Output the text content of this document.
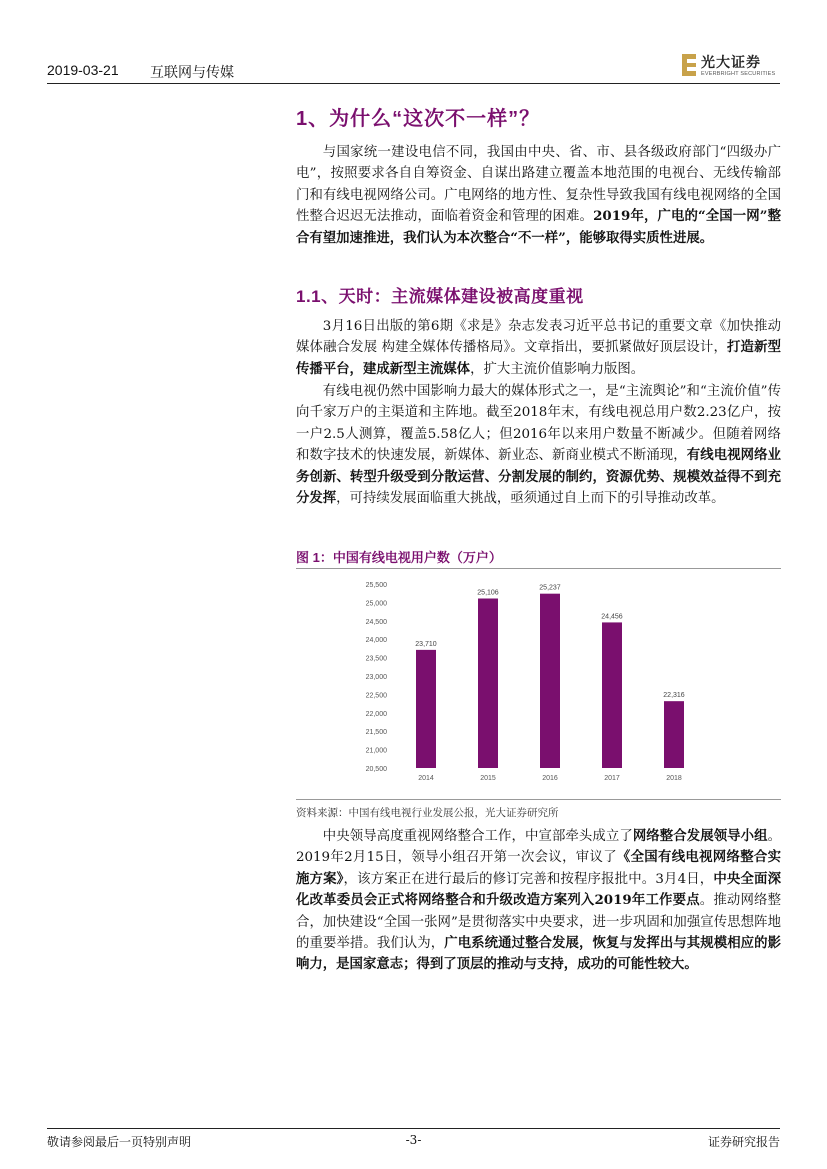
2019-03-21 互联网与传媒
光大证券
EVERBRIGHT SECURITIES
1、为什么“这次不一样”？

与国家统一建设电信不同，我国由中央、省、市、县各级政府部门“四级办广电”，按照要求各自自筹资金、自谋出路建立覆盖本地范围的电视台、无线传输部门和有线电视网络公司。广电网络的地方性、复杂性导致我国有线电视网络的全国性整合迟迟无法推动，面临着资金和管理的困难。2019年，广电的“全国一网”整合有望加速推进，我们认为本次整合“不一样”，能够取得实质性进展。

1.1、天时：主流媒体建设被高度重视

3月16日出版的第6期《求是》杂志发表习近平总书记的重要文章《加快推动媒体融合发展 构建全媒体传播格局》。文章指出，要抓紧做好顶层设计，打造新型传播平台，建成新型主流媒体，扩大主流价值影响力版图。

有线电视仍然中国影响力最大的媒体形式之一，是“主流舆论”和“主流价值”传向千家万户的主渠道和主阵地。截至2018年末，有线电视总用户数2.23亿户，按一户2.5人测算，覆盖5.58亿人；但2016年以来用户数量不断减少。但随着网络和数字技术的快速发展，新媒体、新业态、新商业模式不断涌现，有线电视网络业务创新、转型升级受到分散运营、分割发展的制约，资源优势、规模效益得不到充分发挥，可持续发展面临重大挑战，亟须通过自上而下的引导推动改革。

图 1：中国有线电视用户数（万户）
20,500
21,000
21,500
22,000
22,500
23,000
23,500
24,000
24,500
25,000
25,500
23,710
2014
25,106
2015
25,237
2016
24,456
2017
22,316
2018
资料来源：中国有线电视行业发展公报，光大证券研究所

中央领导高度重视网络整合工作，中宣部牵头成立了网络整合发展领导小组。2019年2月15日，领导小组召开第一次会议，审议了《全国有线电视网络整合实施方案》，该方案正在进行最后的修订完善和按程序报批中。3月4日，中央全面深化改革委员会正式将网络整合和升级改造方案列入2019年工作要点。推动网络整合，加快建设“全国一张网”是贯彻落实中央要求，进一步巩固和加强宣传思想阵地的重要举措。我们认为，广电系统通过整合发展，恢复与发挥出与其规模相应的影响力，是国家意志；得到了顶层的推动与支持，成功的可能性较大。

敬请参阅最后一页特别声明	-3-	证券研究报告
